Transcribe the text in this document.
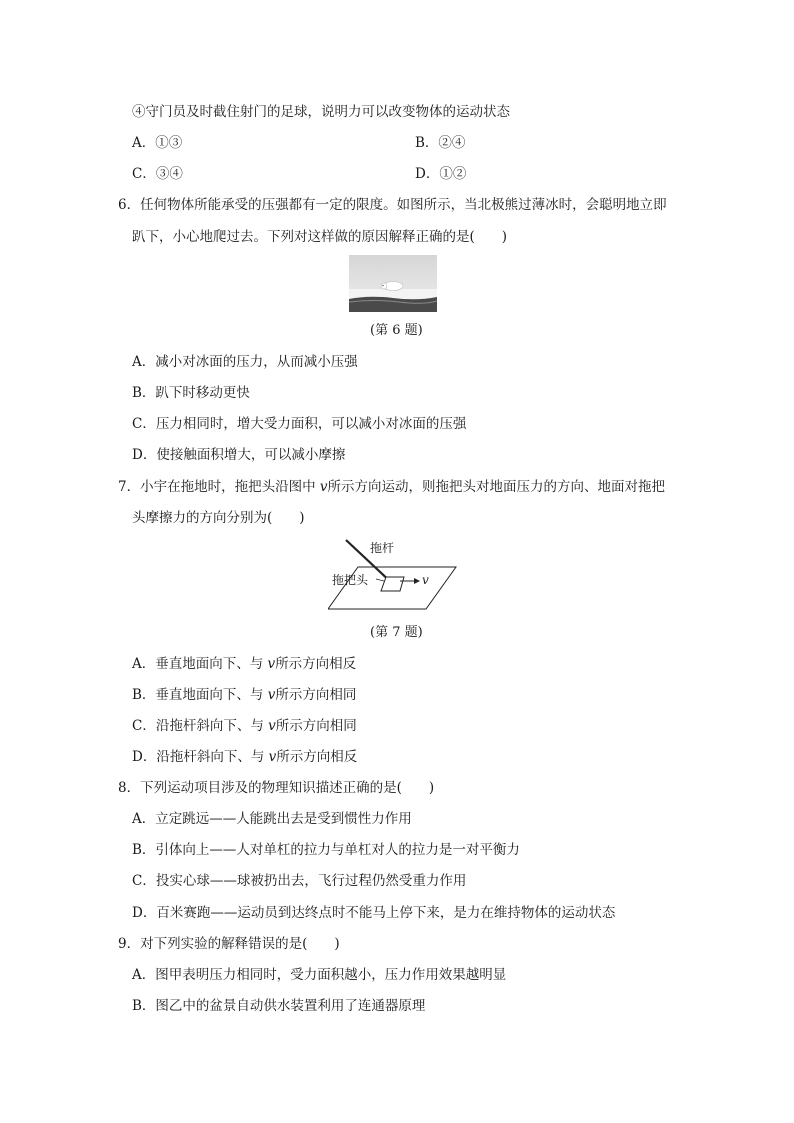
④守门员及时截住射门的足球，说明力可以改变物体的运动状态
A．①③	B．②④
C．③④	D．①②
6．任何物体所能承受的压强都有一定的限度。如图所示，当北极熊过薄冰时，会聪明地立即
趴下，小心地爬过去。下列对这样做的原因解释正确的是(　　)
(第 6 题)
A．减小对冰面的压力，从而减小压强
B．趴下时移动更快
C．压力相同时，增大受力面积，可以减小对冰面的压强
D．使接触面积增大，可以减小摩擦
7．小宇在拖地时，拖把头沿图中 v所示方向运动，则拖把头对地面压力的方向、地面对拖把
头摩擦力的方向分别为(　　)
拖杆
拖把头	v
(第 7 题)
A．垂直地面向下、与 v所示方向相反
B．垂直地面向下、与 v所示方向相同
C．沿拖杆斜向下、与 v所示方向相同
D．沿拖杆斜向下、与 v所示方向相反
8．下列运动项目涉及的物理知识描述正确的是(　　)
A．立定跳远——人能跳出去是受到惯性力作用
B．引体向上——人对单杠的拉力与单杠对人的拉力是一对平衡力
C．投实心球——球被扔出去，飞行过程仍然受重力作用
D．百米赛跑——运动员到达终点时不能马上停下来，是力在维持物体的运动状态
9．对下列实验的解释错误的是(　　)
A．图甲表明压力相同时，受力面积越小，压力作用效果越明显
B．图乙中的盆景自动供水装置利用了连通器原理
